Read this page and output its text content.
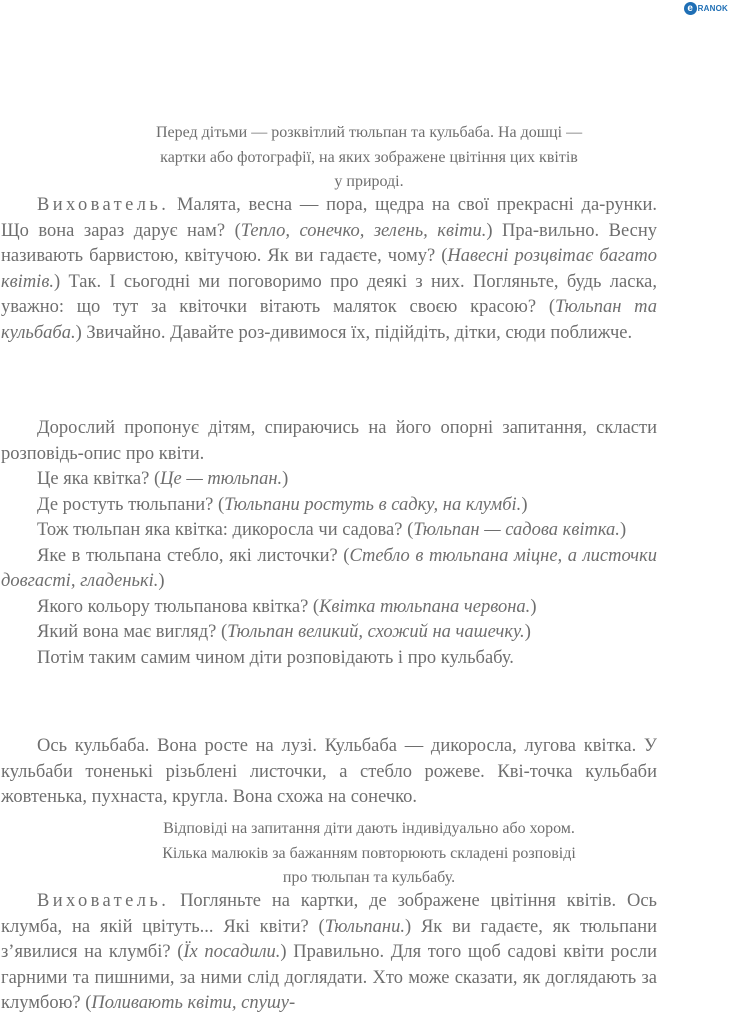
e RANOK
Перед дітьми — розквітлий тюльпан та кульбаба. На дошці —
картки або фотографії, на яких зображене цвітіння цих квітів
у природі.

Вихователь. Малята, весна — пора, щедра на свої прекрасні да-рунки. Що вона зараз дарує нам? (Тепло, сонечко, зелень, квіти.) Пра-вильно. Весну називають барвистою, квітучою. Як ви гадаєте, чому? (Навесні розцвітає багато квітів.) Так. І сьогодні ми поговоримо про деякі з них. Погляньте, будь ласка, уважно: що тут за квіточки вітають маляток своєю красою? (Тюльпан та кульбаба.) Звичайно. Давайте роз-дивимося їх, підійдіть, дітки, сюди поближче.

Дорослий пропонує дітям, спираючись на його опорні запитання, скласти розповідь-опис про квіти.

Це яка квітка? (Це — тюльпан.)

Де ростуть тюльпани? (Тюльпани ростуть в садку, на клумбі.)

Тож тюльпан яка квітка: дикоросла чи садова? (Тюльпан — садова квітка.)

Яке в тюльпана стебло, які листочки? (Стебло в тюльпана міцне, а листочки довгасті, гладенькі.)

Якого кольору тюльпанова квітка? (Квітка тюльпана червона.)

Який вона має вигляд? (Тюльпан великий, схожий на чашечку.)

Потім таким самим чином діти розповідають і про кульбабу.

Ось кульбаба. Вона росте на лузі. Кульбаба — дикоросла, лугова квітка. У кульбаби тоненькі різьблені листочки, а стебло рожеве. Кві-точка кульбаби жовтенька, пухнаста, кругла. Вона схожа на сонечко.

Відповіді на запитання діти дають індивідуально або хором.
Кілька малюків за бажанням повторюють складені розповіді
про тюльпан та кульбабу.

Вихователь. Погляньте на картки, де зображене цвітіння квітів. Ось клумба, на якій цвітуть... Які квіти? (Тюльпани.) Як ви гадаєте, як тюльпани з’явилися на клумбі? (Їх посадили.) Правильно. Для того щоб садові квіти росли гарними та пишними, за ними слід доглядати. Хто може сказати, як доглядають за клумбою? (Поливають квіти, спушу-
